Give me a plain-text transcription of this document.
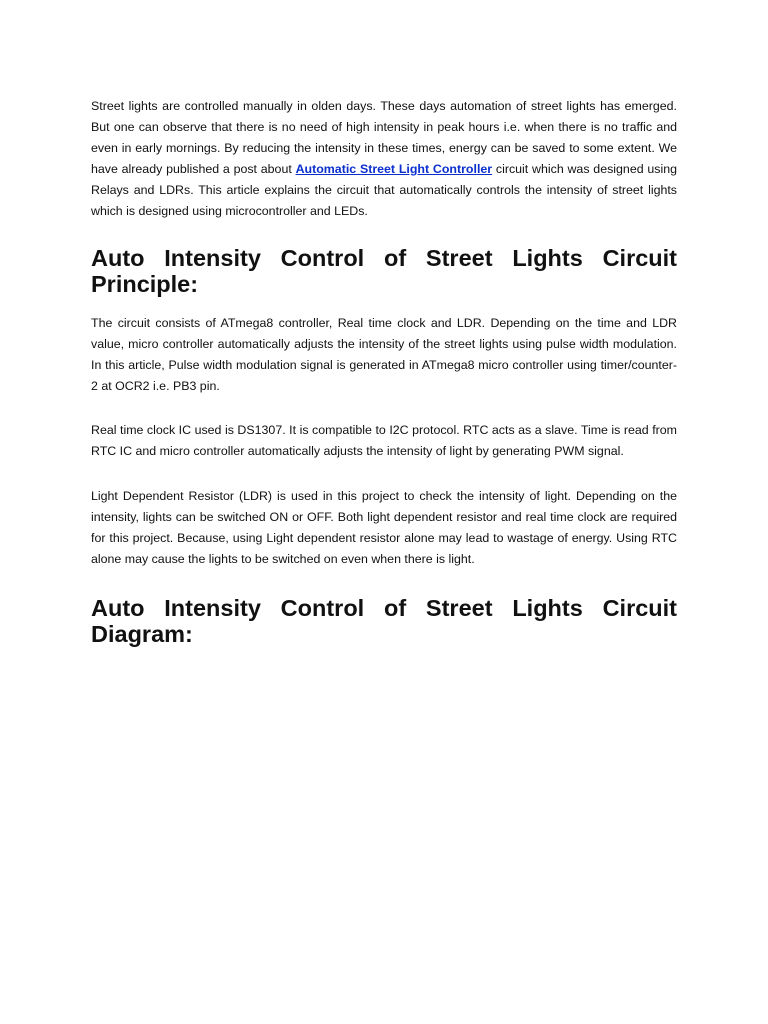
Street lights are controlled manually in olden days. These days automation of street lights has emerged. But one can observe that there is no need of high intensity in peak hours i.e. when there is no traffic and even in early mornings. By reducing the intensity in these times, energy can be saved to some extent. We have already published a post about Automatic Street Light Controller circuit which was designed using Relays and LDRs. This article explains the circuit that automatically controls the intensity of street lights which is designed using microcontroller and LEDs.

Auto Intensity Control of Street Lights Circuit Principle:

The circuit consists of ATmega8 controller, Real time clock and LDR. Depending on the time and LDR value, micro controller automatically adjusts the intensity of the street lights using pulse width modulation. In this article, Pulse width modulation signal is generated in ATmega8 micro controller using timer/counter-2 at OCR2 i.e. PB3 pin.

Real time clock IC used is DS1307. It is compatible to I2C protocol. RTC acts as a slave. Time is read from RTC IC and micro controller automatically adjusts the intensity of light by generating PWM signal.

Light Dependent Resistor (LDR) is used in this project to check the intensity of light. Depending on the intensity, lights can be switched ON or OFF. Both light dependent resistor and real time clock are required for this project. Because, using Light dependent resistor alone may lead to wastage of energy. Using RTC alone may cause the lights to be switched on even when there is light.

Auto Intensity Control of Street Lights Circuit Diagram:
